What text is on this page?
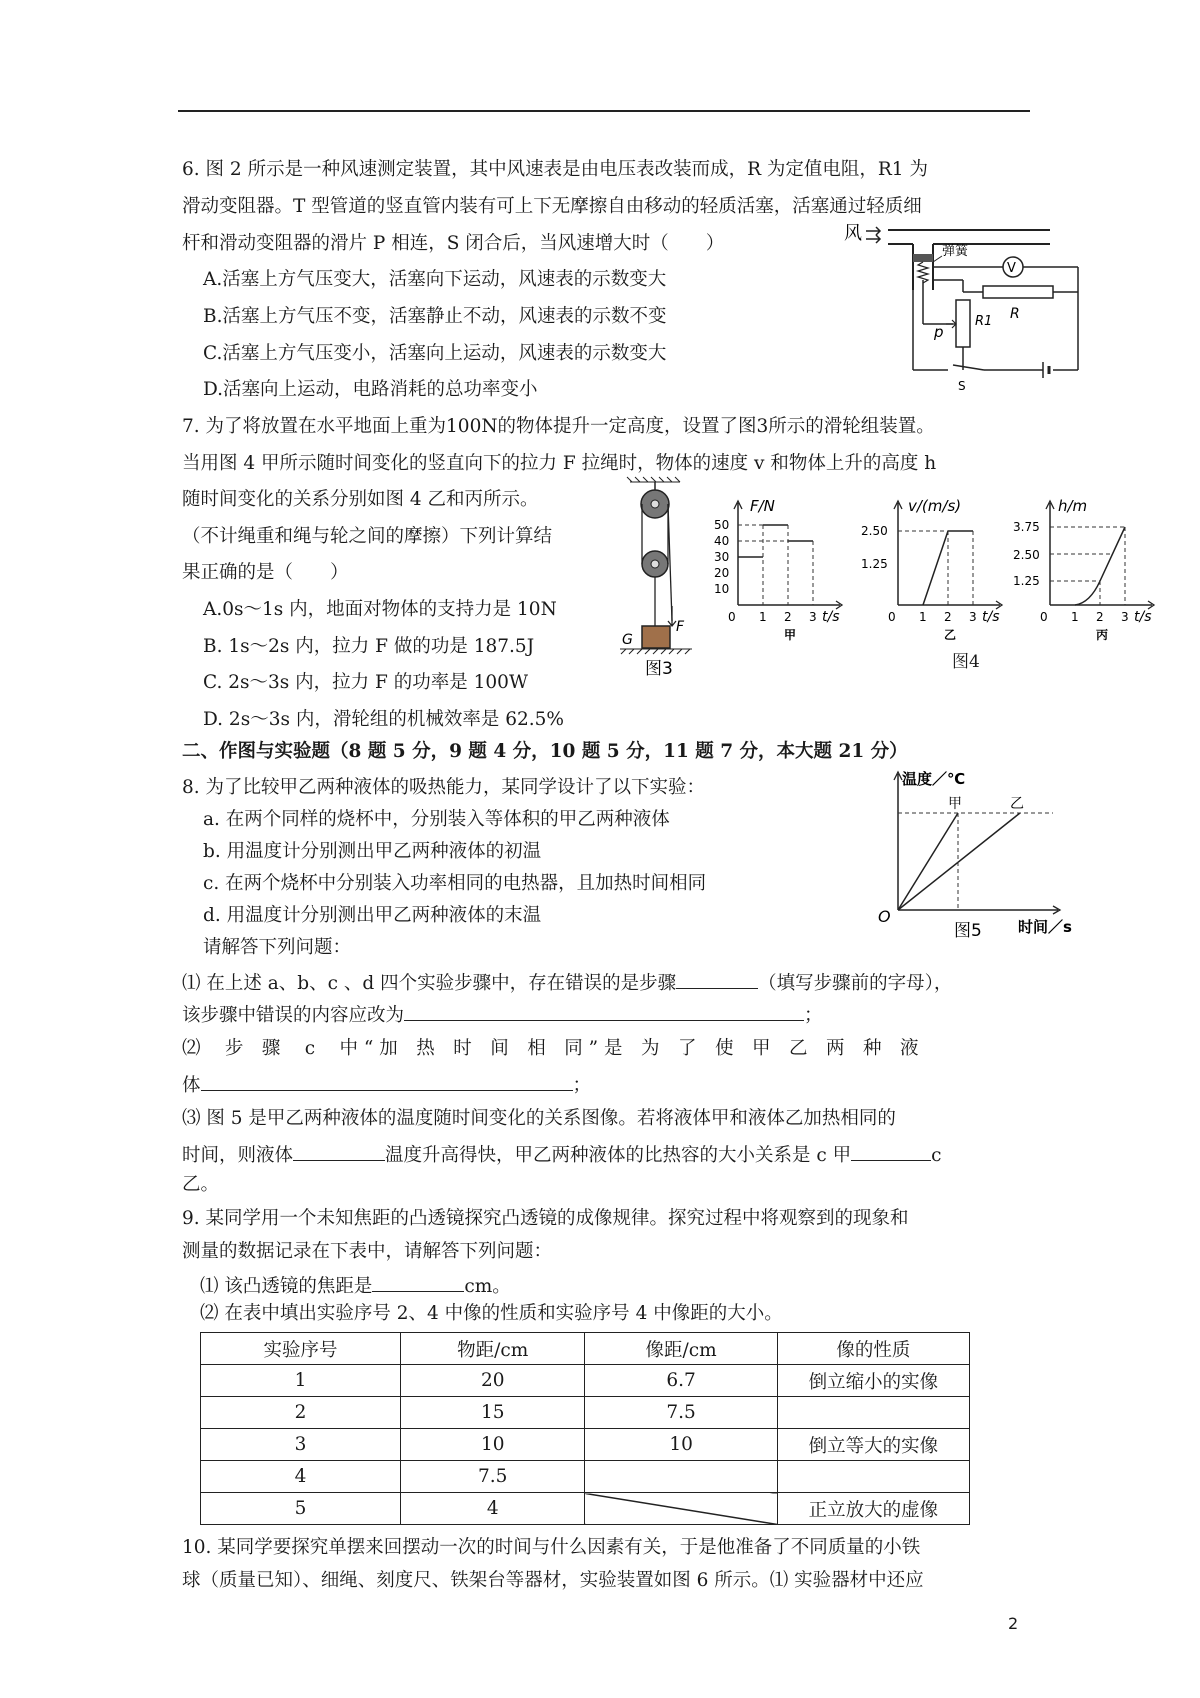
6. 图 2 所示是一种风速测定装置，其中风速表是由电压表改装而成，R 为定值电阻，R1 为
滑动变阻器。T 型管道的竖直管内装有可上下无摩擦自由移动的轻质活塞，活塞通过轻质细
杆和滑动变阻器的滑片 P 相连，S 闭合后，当风速增大时（　　）
A.活塞上方气压变大，活塞向下运动，风速表的示数变大
B.活塞上方气压不变，活塞静止不动，风速表的示数不变
C.活塞上方气压变小，活塞向上运动，风速表的示数变大
D.活塞向上运动，电路消耗的总功率变小
风
弹簧
V
R
p
R1
S
7. 为了将放置在水平地面上重为100N的物体提升一定高度，设置了图3所示的滑轮组装置。
当用图 4 甲所示随时间变化的竖直向下的拉力 F 拉绳时，物体的速度 v 和物体上升的高度 h
随时间变化的关系分别如图 4 乙和丙所示。
（不计绳重和绳与轮之间的摩擦）下列计算结
果正确的是（　　）
A.0s～1s 内，地面对物体的支持力是 10N
B. 1s～2s 内，拉力 F 做的功是 187.5J
C. 2s～3s 内，拉力 F 的功率是 100W
D. 2s～3s 内，滑轮组的机械效率是 62.5%
F
G
图3
F/N
50
40
30
20
10
0 1 2 3 t/s
甲
v/(m/s)
2.50
1.25
0 1 2 3 t/s
乙
h/m
3.75
2.50
1.25
0 1 2 3 t/s
丙
图4
二、作图与实验题（8 题 5 分，9 题 4 分，10 题 5 分，11 题 7 分，本大题 21 分）
8. 为了比较甲乙两种液体的吸热能力，某同学设计了以下实验：
a. 在两个同样的烧杯中，分别装入等体积的甲乙两种液体
b. 用温度计分别测出甲乙两种液体的初温
c. 在两个烧杯中分别装入功率相同的电热器，且加热时间相同
d. 用温度计分别测出甲乙两种液体的末温
请解答下列问题：
温度／℃
O
时间／s
图5
甲	乙
⑴ 在上述 a、b、c 、d 四个实验步骤中，存在错误的是步骤	（填写步骤前的字母），
该步骤中错误的内容应改为	；
⑵　 步　骤　 c　 中 “ 加　热　时　间　相　同 ” 是　为　了　使　甲　乙　两　种　液
体	；
⑶ 图 5 是甲乙两种液体的温度随时间变化的关系图像。若将液体甲和液体乙加热相同的
时间，则液体	温度升高得快，甲乙两种液体的比热容的大小关系是 c 甲	c
乙。
9. 某同学用一个未知焦距的凸透镜探究凸透镜的成像规律。探究过程中将观察到的现象和
测量的数据记录在下表中，请解答下列问题：
⑴ 该凸透镜的焦距是	cm。
⑵ 在表中填出实验序号 2、4 中像的性质和实验序号 4 中像距的大小。
实验序号	物距/cm	像距/cm	像的性质
1	20	6.7	倒立缩小的实像
2	15	7.5	
3	10	10	倒立等大的实像
4	7.5		
5	4		正立放大的虚像
10. 某同学要探究单摆来回摆动一次的时间与什么因素有关，于是他准备了不同质量的小铁
球（质量已知）、细绳、刻度尺、铁架台等器材，实验装置如图 6 所示。⑴ 实验器材中还应
2
